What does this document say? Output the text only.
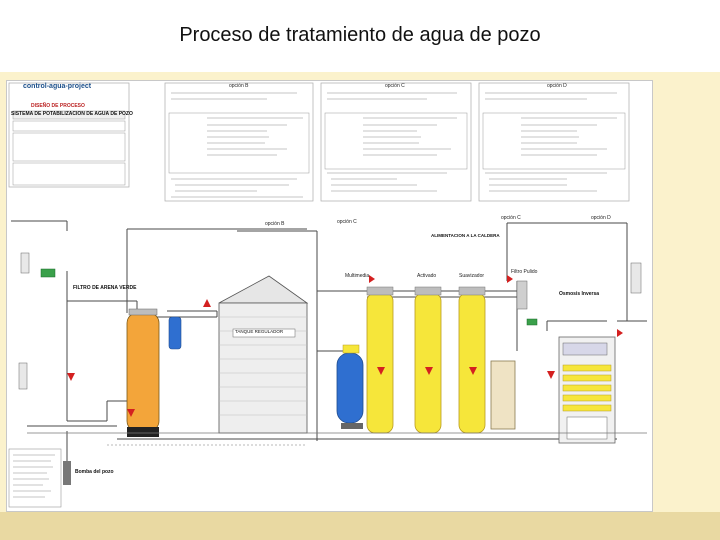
Proceso de tratamiento de agua de pozo
control-agua-project
DISEÑO DE PROCESO
SISTEMA DE POTABILIZACION DE AGUA DE POZO
opción B	opción C	opción D
opción B	opción C
opción C	opción D
FILTRO DE ARENA VERDE
TANQUE REGULADOR
Multimedia	Activado	Suavizador
Filtro Pulido
Osmosis Inversa
ALIMENTACION A LA CALDERA
Bomba del pozo
